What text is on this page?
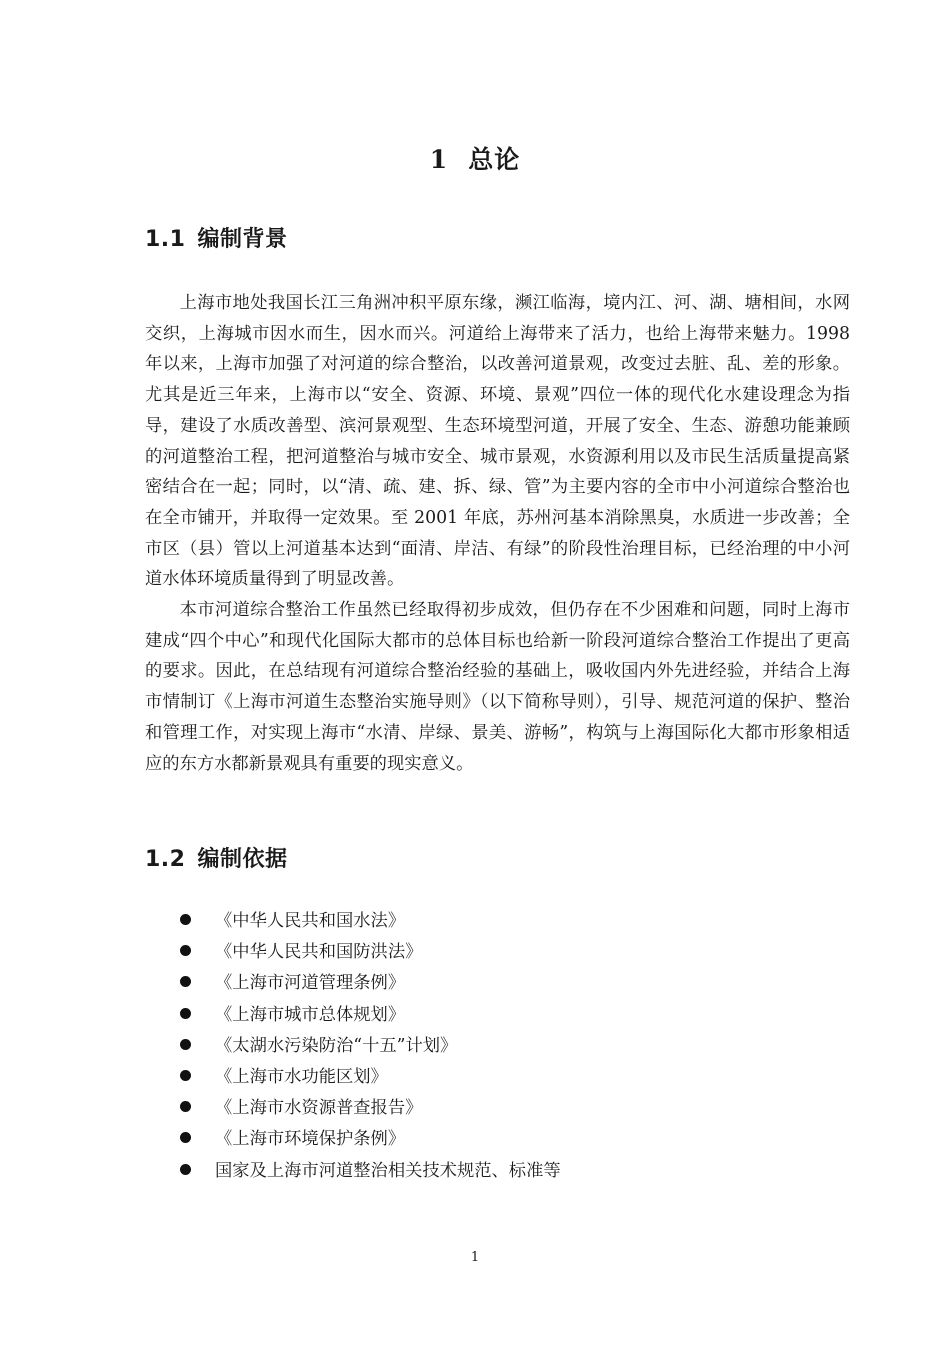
1 总论
1.1 编制背景

上海市地处我国长江三角洲冲积平原东缘，濒江临海，境内江、河、湖、塘相间，水网交织，上海城市因水而生，因水而兴。河道给上海带来了活力，也给上海带来魅力。1998 年以来，上海市加强了对河道的综合整治，以改善河道景观，改变过去脏、乱、差的形象。尤其是近三年来，上海市以“安全、资源、环境、景观”四位一体的现代化水建设理念为指导，建设了水质改善型、滨河景观型、生态环境型河道，开展了安全、生态、游憩功能兼顾的河道整治工程，把河道整治与城市安全、城市景观，水资源利用以及市民生活质量提高紧密结合在一起；同时，以“清、疏、建、拆、绿、管”为主要内容的全市中小河道综合整治也在全市铺开，并取得一定效果。至 2001 年底，苏州河基本消除黑臭，水质进一步改善；全市区（县）管以上河道基本达到“面清、岸洁、有绿”的阶段性治理目标，已经治理的中小河道水体环境质量得到了明显改善。

本市河道综合整治工作虽然已经取得初步成效，但仍存在不少困难和问题，同时上海市建成“四个中心”和现代化国际大都市的总体目标也给新一阶段河道综合整治工作提出了更高的要求。因此，在总结现有河道综合整治经验的基础上，吸收国内外先进经验，并结合上海市情制订《上海市河道生态整治实施导则》（以下简称导则），引导、规范河道的保护、整治和管理工作，对实现上海市“水清、岸绿、景美、游畅”，构筑与上海国际化大都市形象相适应的东方水都新景观具有重要的现实意义。

1.2 编制依据
《中华人民共和国水法》
《中华人民共和国防洪法》
《上海市河道管理条例》
《上海市城市总体规划》
《太湖水污染防治“十五”计划》
《上海市水功能区划》
《上海市水资源普查报告》
《上海市环境保护条例》
国家及上海市河道整治相关技术规范、标准等
1
